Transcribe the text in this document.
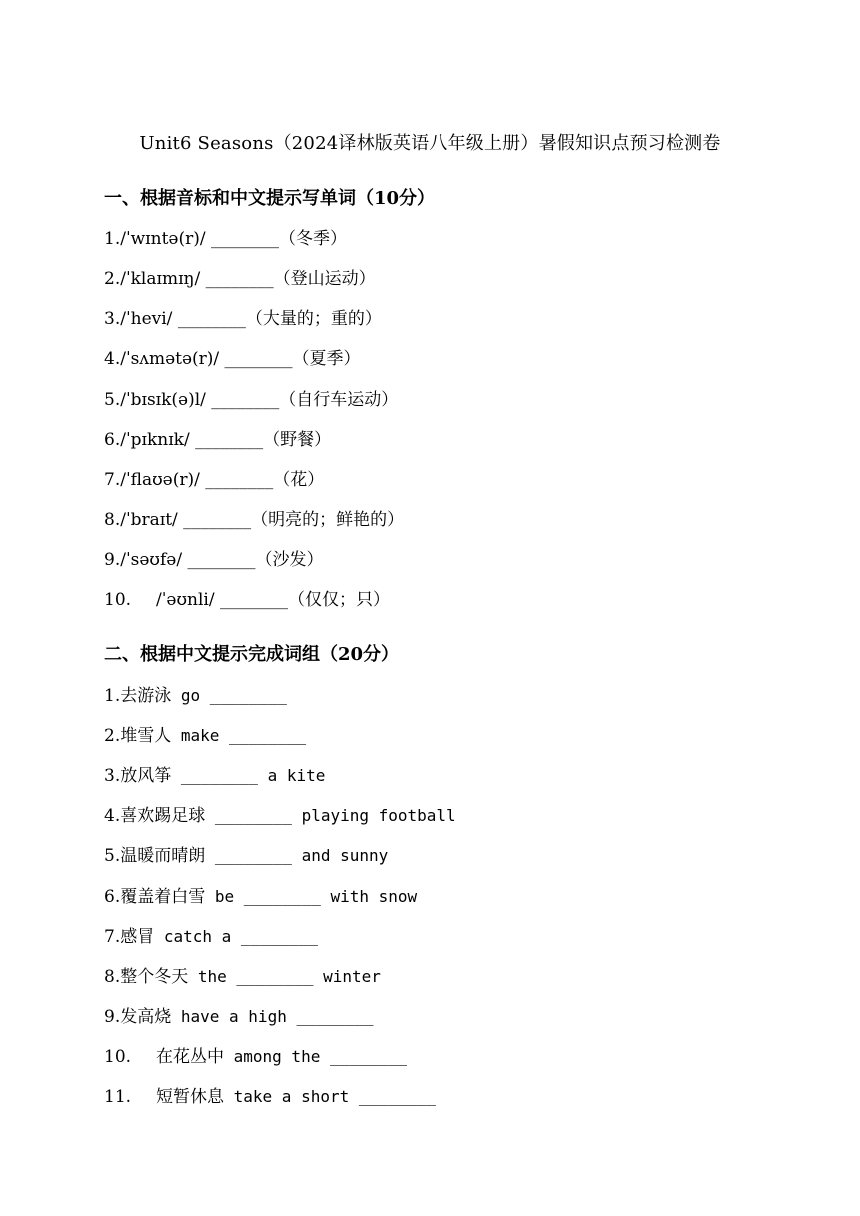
Unit6 Seasons（2024译林版英语八年级上册）暑假知识点预习检测卷
一、根据音标和中文提示写单词（10分）
1./ˈwɪntə(r)/ ________（冬季）
2./ˈklaɪmɪŋ/ ________（登山运动）
3./ˈhevi/ ________（大量的；重的）
4./ˈsʌmətə(r)/ ________（夏季）
5./ˈbɪsɪk(ə)l/ ________（自行车运动）
6./ˈpɪknɪk/ ________（野餐）
7./ˈflaʊə(r)/ ________（花）
8./ˈbraɪt/ ________（明亮的；鲜艳的）
9./ˈsəʊfə/ ________（沙发）
10. /ˈəʊnli/ ________（仅仅；只）
二、根据中文提示完成词组（20分）
1.去游泳 go ________
2.堆雪人 make ________
3.放风筝 ________ a kite
4.喜欢踢足球 ________ playing football
5.温暖而晴朗 ________ and sunny
6.覆盖着白雪 be ________ with snow
7.感冒 catch a ________
8.整个冬天 the ________ winter
9.发高烧 have a high ________
10. 在花丛中 among the ________
11. 短暂休息 take a short ________
